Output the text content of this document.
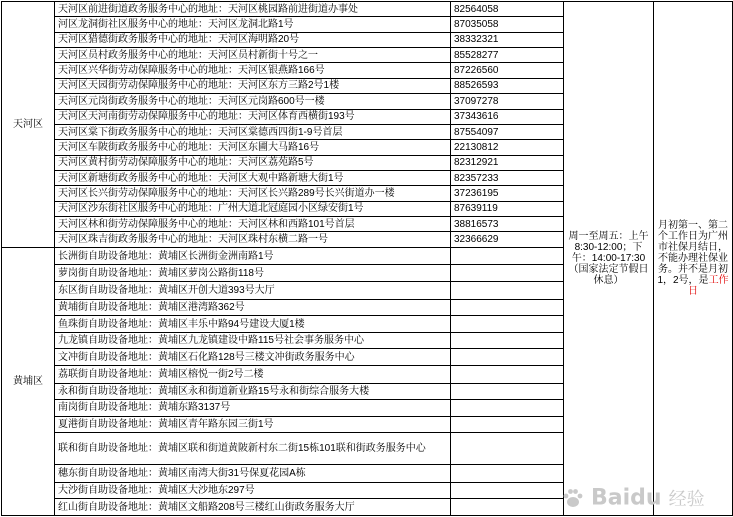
天河区	天河区前进街道政务服务中心的地址：天河区桃园路前进街道办事处	82564058	周一至周五：上午8:30-12:00；下午：14:00-17:30（国家法定节假日休息）	月初第一、第二个工作日为广州市社保月结日，不能办理社保业务。并不是月初1，2号，是工作日
	河区龙洞街社区服务中心的地址：天河区龙洞北路1号	87035058		
	天河区猎德街政务服务中心的地址：天河区海明路20号	38332321		
	天河区员村政务服务中心的地址：天河区员村新街十号之一	85528277		
	天河区兴华街劳动保障服务中心的地址：天河区银燕路166号	87226560		
	天河区天园街劳动保障服务中心的地址：天河区东方三路2号1楼	88526593		
	天河区元岗街政务服务中心的地址：天河区元岗路600号一楼	37097278		
	天河区天河南街劳动保障服务中心的地址：天河区体育西横街193号	37343616		
	天河区棠下街政务服务中心的地址：天河区棠德西四街1-9号首层	87554097		
	天河区车陂街政务服务中心的地址：天河区东圃大马路16号	22130812		
	天河区黄村街劳动保障服务中心的地址：天河区荔苑路5号	82312921		
	天河区新塘街政务服务中心的地址：天河区大观中路新塘大街1号	82357233		
	天河区长兴街劳动保障服务中心的地址：天河区长兴路289号长兴街道办一楼	37236195		
	天河区沙东街社区服务中心的地址：广州大道北冠庭园小区绿安街1号	87639119		
	天河区林和街劳动保障服务中心的地址：天河区林和西路101号首层	38816573		
	天河区珠吉街政务服务中心的地址：天河区珠村东横二路一号	32366629		
黄埔区	长洲街自助设备地址：黄埔区长洲街金洲南路1号			
	萝岗街自助设备地址：黄埔区萝岗公路街118号			
	东区街自助设备地址：黄埔区开创大道393号大厅			
	黄埔街自助设备地址：黄埔区港湾路362号			
	鱼珠街自助设备地址：黄埔区丰乐中路94号建设大厦1楼			
	九龙镇自助设备地址：黄埔区九龙镇建设中路115号社会事务服务中心			
	文冲街自助设备地址：黄埔区石化路128号三楼文冲街政务服务中心			
	荔联街自助设备地址：黄埔区榕悦一街2号二楼			
	永和街自助设备地址：黄埔区永和街道新业路15号永和街综合服务大楼			
	南岗街自助设备地址：黄埔东路3137号			
	夏港街自助设备地址：黄埔区青年路东园三街1号			
	联和街自助设备地址：黄埔区联和街道黄陂新村东二街15栋101联和街政务服务中心			
	穗东街自助设备地址：黄埔区南湾大街31号保夏花园A栋			
	大沙街自助设备地址：黄埔区大沙地东297号			
	红山街自助设备地址：黄埔区文船路208号三楼红山街政务服务大厅				Baidu 经验
